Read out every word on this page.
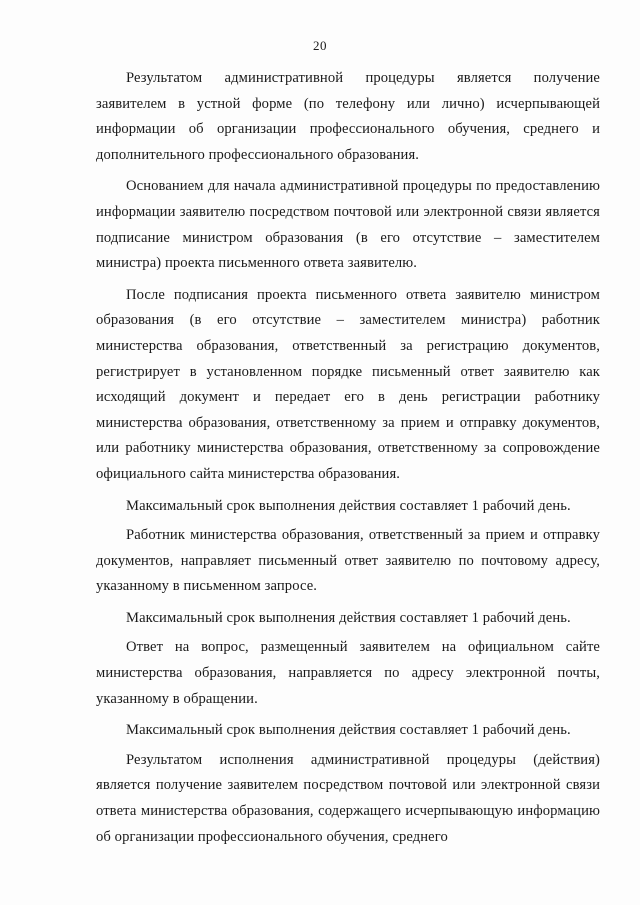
20

Результатом административной процедуры является получение заявителем в устной форме (по телефону или лично) исчерпывающей информации об организации профессионального обучения, среднего и дополнительного профессионального образования.

Основанием для начала административной процедуры по предоставлению информации заявителю посредством почтовой или электронной связи является подписание министром образования (в его отсутствие – заместителем министра) проекта письменного ответа заявителю.

После подписания проекта письменного ответа заявителю министром образования (в его отсутствие – заместителем министра) работник министерства образования, ответственный за регистрацию документов, регистрирует в установленном порядке письменный ответ заявителю как исходящий документ и передает его в день регистрации работнику министерства образования, ответственному за прием и отправку документов, или работнику министерства образования, ответственному за сопровождение официального сайта министерства образования.

Максимальный срок выполнения действия составляет 1 рабочий день.

Работник министерства образования, ответственный за прием и отправку документов, направляет письменный ответ заявителю по почтовому адресу, указанному в письменном запросе.

Максимальный срок выполнения действия составляет 1 рабочий день.

Ответ на вопрос, размещенный заявителем на официальном сайте министерства образования, направляется по адресу электронной почты, указанному в обращении.

Максимальный срок выполнения действия составляет 1 рабочий день.

Результатом исполнения административной процедуры (действия) является получение заявителем посредством почтовой или электронной связи ответа министерства образования, содержащего исчерпывающую информацию об организации профессионального обучения, среднего
